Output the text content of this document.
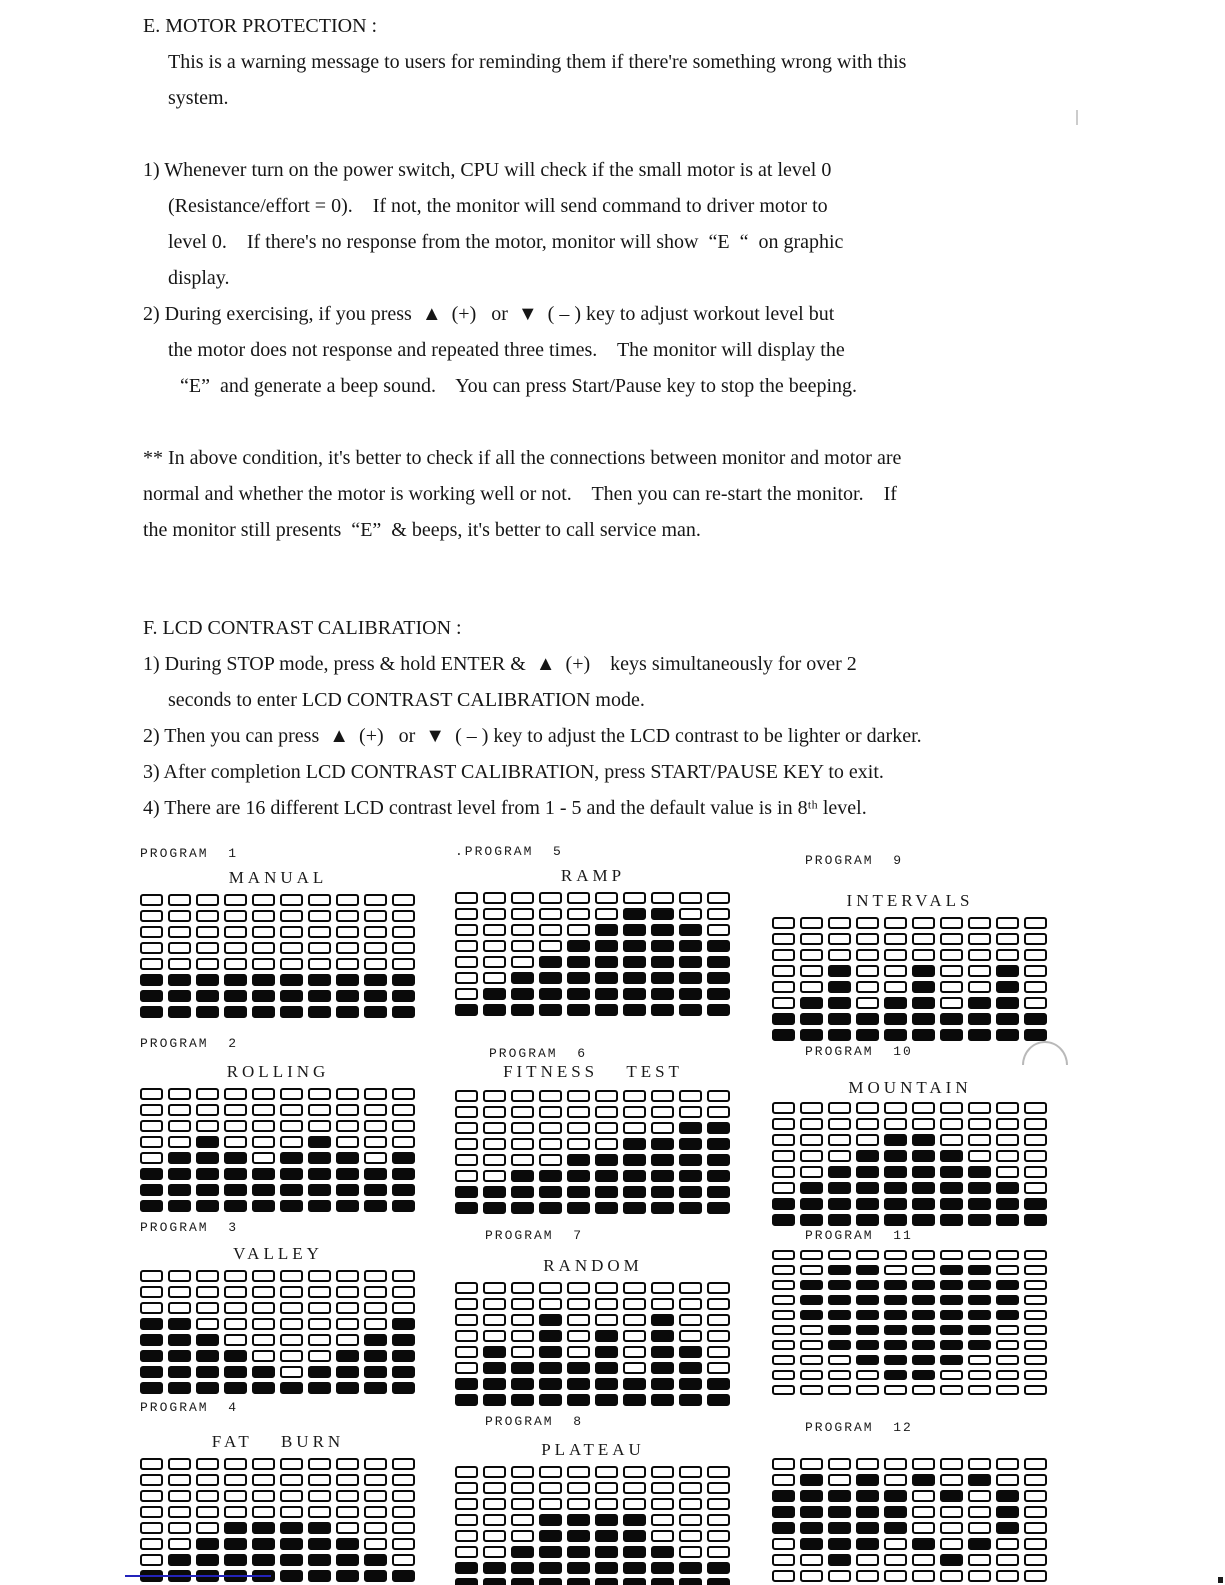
E. MOTOR PROTECTION :
This is a warning message to users for reminding them if there're something wrong with this
system.
1) Whenever turn on the power switch, CPU will check if the small motor is at level 0
(Resistance/effort = 0).    If not, the monitor will send command to driver motor to
level 0.    If there's no response from the motor, monitor will show  “E  “  on graphic
display.
2) During exercising, if you press  ▲  (+)   or  ▼  ( – ) key to adjust workout level but
the motor does not response and repeated three times.    The monitor will display the
“E”  and generate a beep sound.    You can press Start/Pause key to stop the beeping.
** In above condition, it's better to check if all the connections between monitor and motor are
normal and whether the motor is working well or not.    Then you can re-start the monitor.    If
the monitor still presents  “E”  & beeps, it's better to call service man.
F. LCD CONTRAST CALIBRATION :
1) During STOP mode, press & hold ENTER &  ▲  (+)    keys simultaneously for over 2
seconds to enter LCD CONTRAST CALIBRATION mode.
2) Then you can press  ▲  (+)   or  ▼  ( – ) key to adjust the LCD contrast to be lighter or darker.
3) After completion LCD CONTRAST CALIBRATION, press START/PAUSE KEY to exit.
4) There are 16 different LCD contrast level from 1 - 5 and the default value is in 8ᵗʰ level.
PROGRAM  1
MANUAL
PROGRAM  2
ROLLING
PROGRAM  3
VALLEY
PROGRAM  4
FAT  BURN
.PROGRAM  5
RAMP
PROGRAM  6
FITNESS  TEST
PROGRAM  7
RANDOM
PROGRAM  8
PLATEAU
PROGRAM  9
INTERVALS
PROGRAM  10
MOUNTAIN
PROGRAM  11
PROGRAM  12
